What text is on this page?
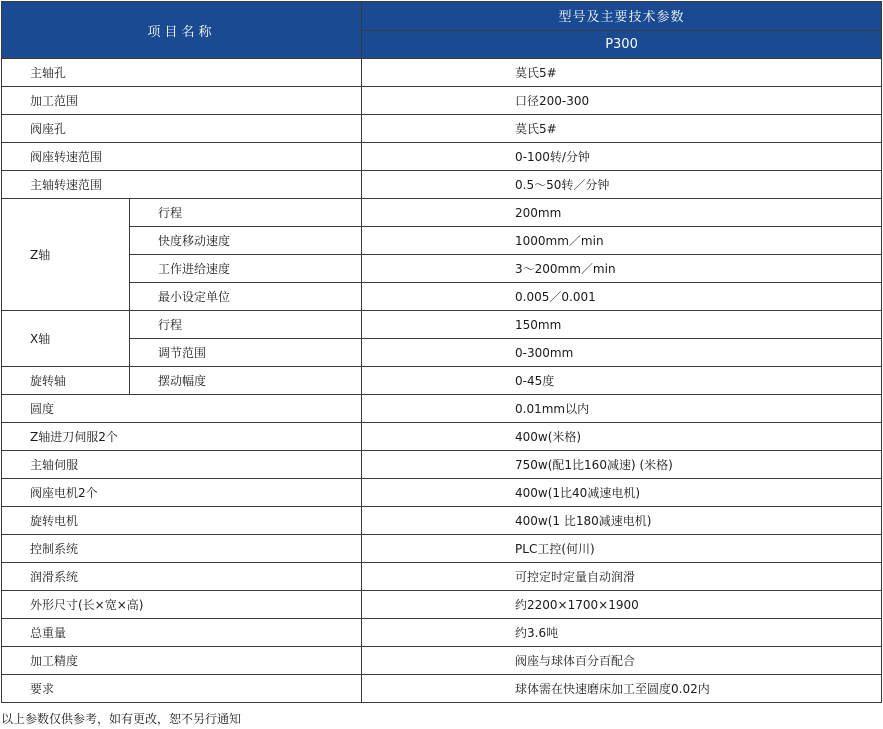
项目名称		型号及主要技术参数
		P300
主轴孔		莫氏5#
加工范围		口径200-300
阀座孔		莫氏5#
阀座转速范围		0-100转/分钟
主轴转速范围		0.5～50转／分钟
Z轴	行程	200mm
	快度移动速度	1000mm／min
	工作进给速度	3～200mm／min
	最小设定单位	0.005／0.001
X轴	行程	150mm
	调节范围	0-300mm
旋转轴	摆动幅度	0-45度
圆度		0.01mm以内
Z轴进刀伺服2个		400w(米格)
主轴伺服		750w(配1比160减速) (米格)
阀座电机2个		400w(1比40减速电机)
旋转电机		400w(1 比180减速电机)
控制系统		PLC工控(何川)
润滑系统		可控定时定量自动润滑
外形尺寸(长×宽×高)		约2200×1700×1900
总重量		约3.6吨
加工精度		阀座与球体百分百配合
要求		球体需在快速磨床加工至圆度0.02内
以上参数仅供参考，如有更改，恕不另行通知
